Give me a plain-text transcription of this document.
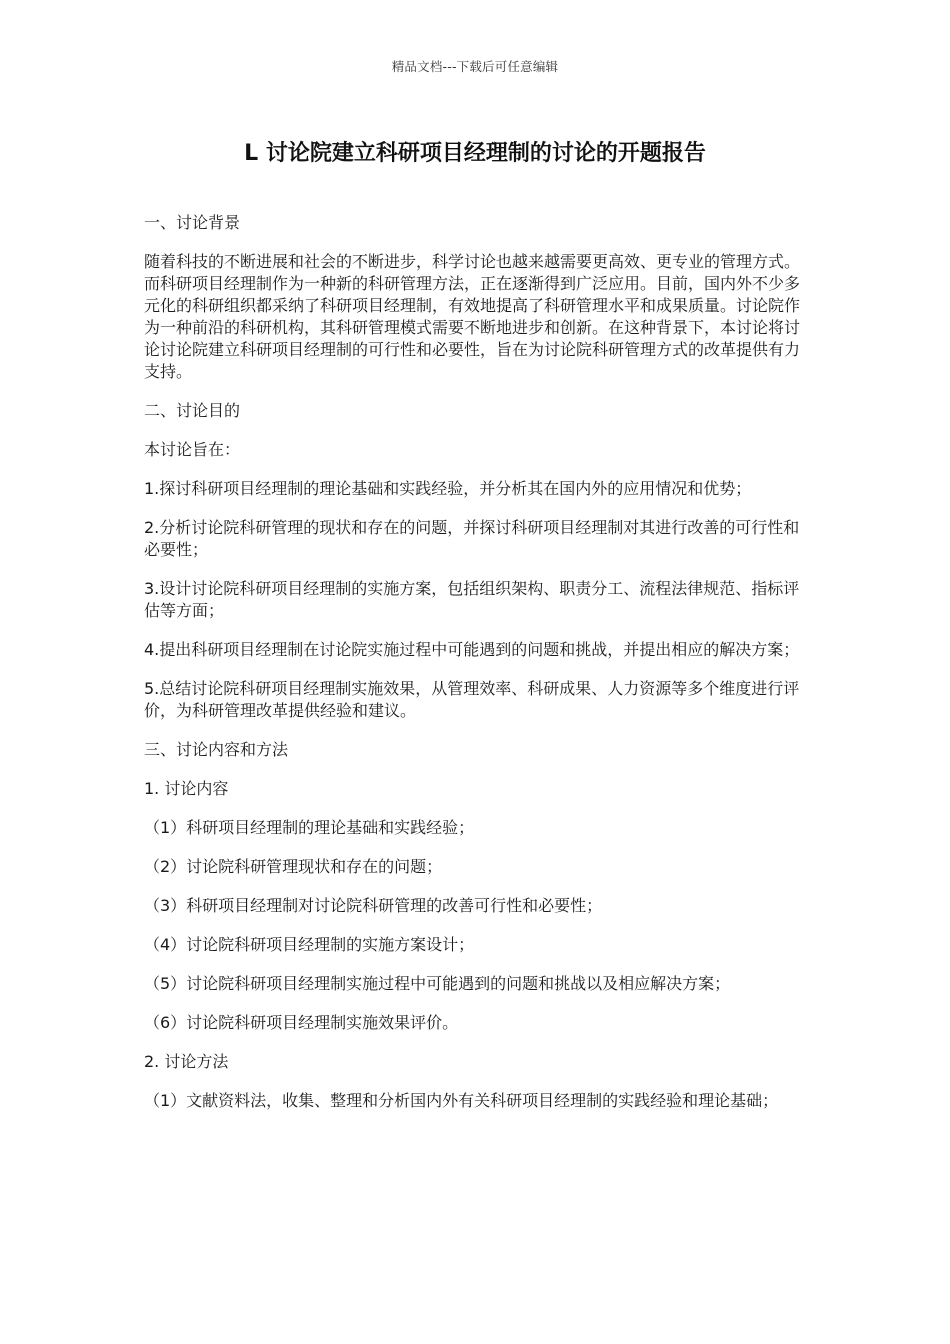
精品文档---下载后可任意编辑
L 讨论院建立科研项目经理制的讨论的开题报告

一、讨论背景

随着科技的不断进展和社会的不断进步，科学讨论也越来越需要更高效、更专业的管理方式。而科研项目经理制作为一种新的科研管理方法，正在逐渐得到广泛应用。目前，国内外不少多元化的科研组织都采纳了科研项目经理制，有效地提高了科研管理水平和成果质量。讨论院作为一种前沿的科研机构，其科研管理模式需要不断地进步和创新。在这种背景下，本讨论将讨论讨论院建立科研项目经理制的可行性和必要性，旨在为讨论院科研管理方式的改革提供有力支持。

二、讨论目的

本讨论旨在：

1.探讨科研项目经理制的理论基础和实践经验，并分析其在国内外的应用情况和优势；

2.分析讨论院科研管理的现状和存在的问题，并探讨科研项目经理制对其进行改善的可行性和必要性；

3.设计讨论院科研项目经理制的实施方案，包括组织架构、职责分工、流程法律规范、指标评估等方面；

4.提出科研项目经理制在讨论院实施过程中可能遇到的问题和挑战，并提出相应的解决方案；

5.总结讨论院科研项目经理制实施效果，从管理效率、科研成果、人力资源等多个维度进行评价，为科研管理改革提供经验和建议。

三、讨论内容和方法

1. 讨论内容

（1）科研项目经理制的理论基础和实践经验；

（2）讨论院科研管理现状和存在的问题；

（3）科研项目经理制对讨论院科研管理的改善可行性和必要性；

（4）讨论院科研项目经理制的实施方案设计；

（5）讨论院科研项目经理制实施过程中可能遇到的问题和挑战以及相应解决方案；

（6）讨论院科研项目经理制实施效果评价。

2. 讨论方法

（1）文献资料法，收集、整理和分析国内外有关科研项目经理制的实践经验和理论基础；
